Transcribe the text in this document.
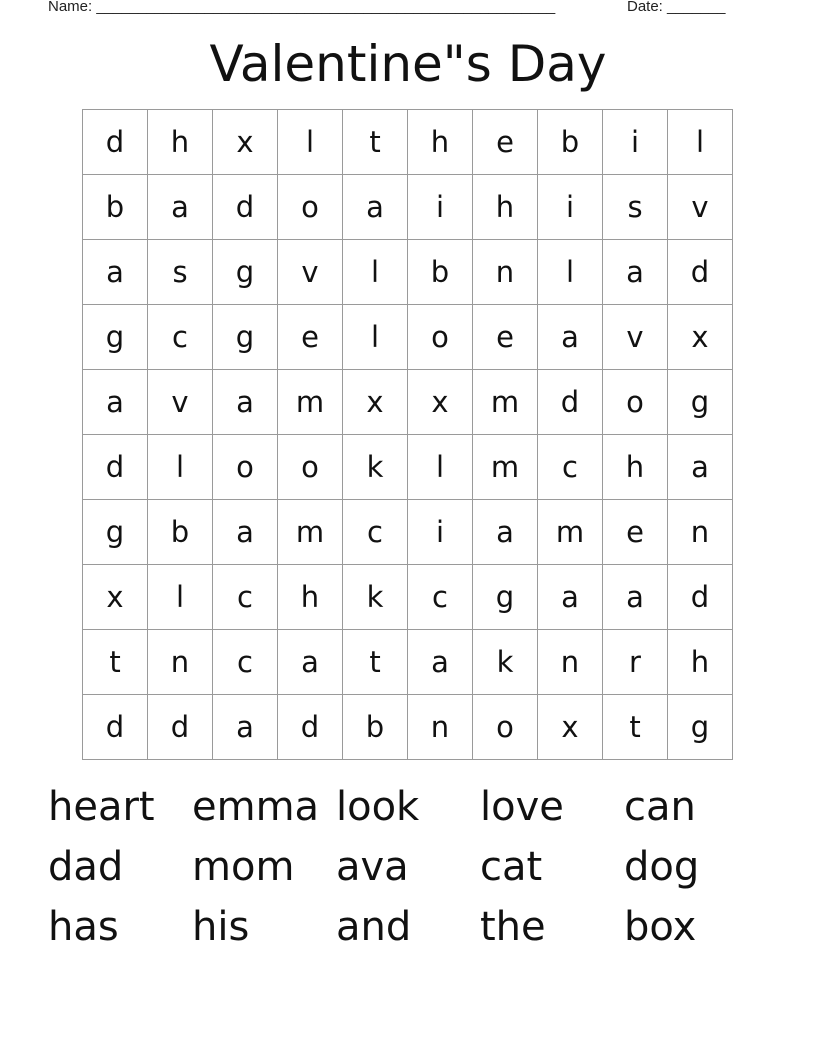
Name: _______________________________________________________	Date: _______
Valentine"s Day
d	h	x	l	t	h	e	b	i	l
b	a	d	o	a	i	h	i	s	v
a	s	g	v	l	b	n	l	a	d
g	c	g	e	l	o	e	a	v	x
a	v	a	m	x	x	m	d	o	g
d	l	o	o	k	l	m	c	h	a
g	b	a	m	c	i	a	m	e	n
x	l	c	h	k	c	g	a	a	d
t	n	c	a	t	a	k	n	r	h
d	d	a	d	b	n	o	x	t	g
heart emma look	love	can
dad	mom	ava	cat	dog
has	his	and	the	box
